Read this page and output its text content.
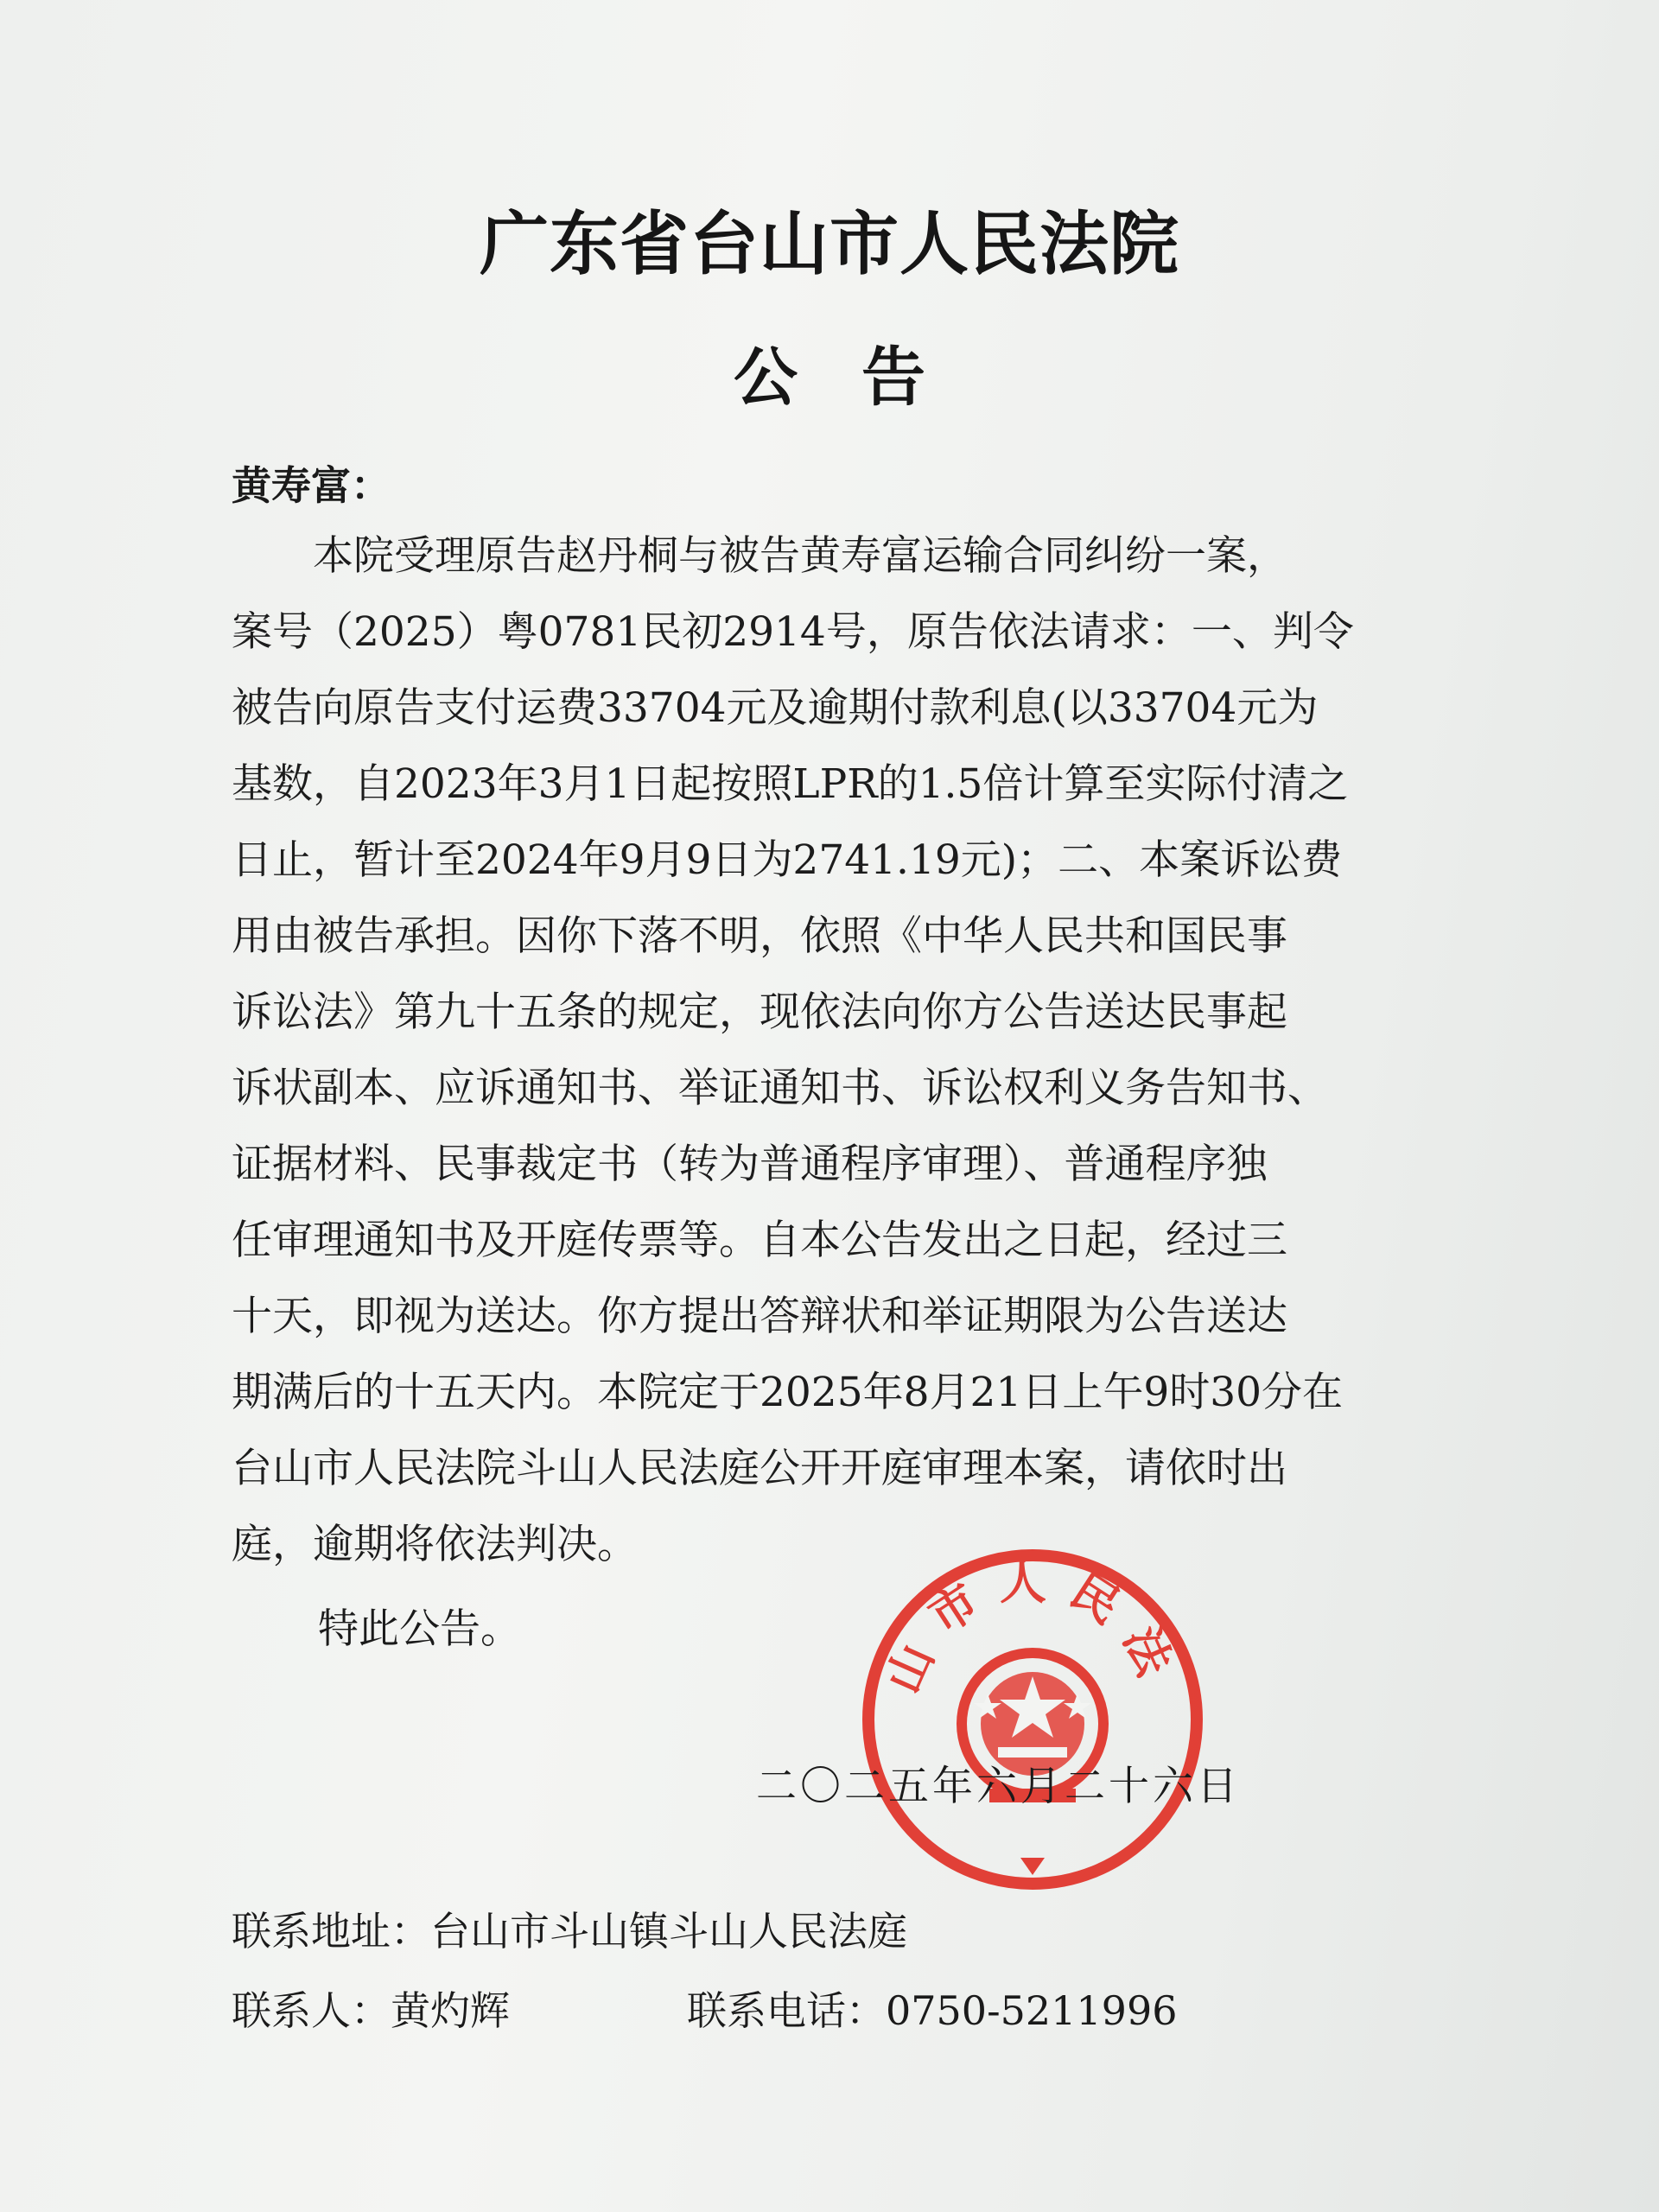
广东省台山市人民法院
公　告
黄寿富：
　　本院受理原告赵丹桐与被告黄寿富运输合同纠纷一案，
案号（2025）粤0781民初2914号，原告依法请求：一、判令
被告向原告支付运费33704元及逾期付款利息(以33704元为
基数，自2023年3月1日起按照LPR的1.5倍计算至实际付清之
日止，暂计至2024年9月9日为2741.19元)；二、本案诉讼费
用由被告承担。因你下落不明，依照《中华人民共和国民事
诉讼法》第九十五条的规定，现依法向你方公告送达民事起
诉状副本、应诉通知书、举证通知书、诉讼权利义务告知书、
证据材料、民事裁定书（转为普通程序审理）、普通程序独
任审理通知书及开庭传票等。自本公告发出之日起，经过三
十天，即视为送达。你方提出答辩状和举证期限为公告送达
期满后的十五天内。本院定于2025年8月21日上午9时30分在
台山市人民法院斗山人民法庭公开开庭审理本案，请依时出
庭，逾期将依法判决。
特此公告。	山市人民法
二〇二五年六月二十六日
联系地址：台山市斗山镇斗山人民法庭
联系人：黄灼辉	联系电话：0750-5211996
